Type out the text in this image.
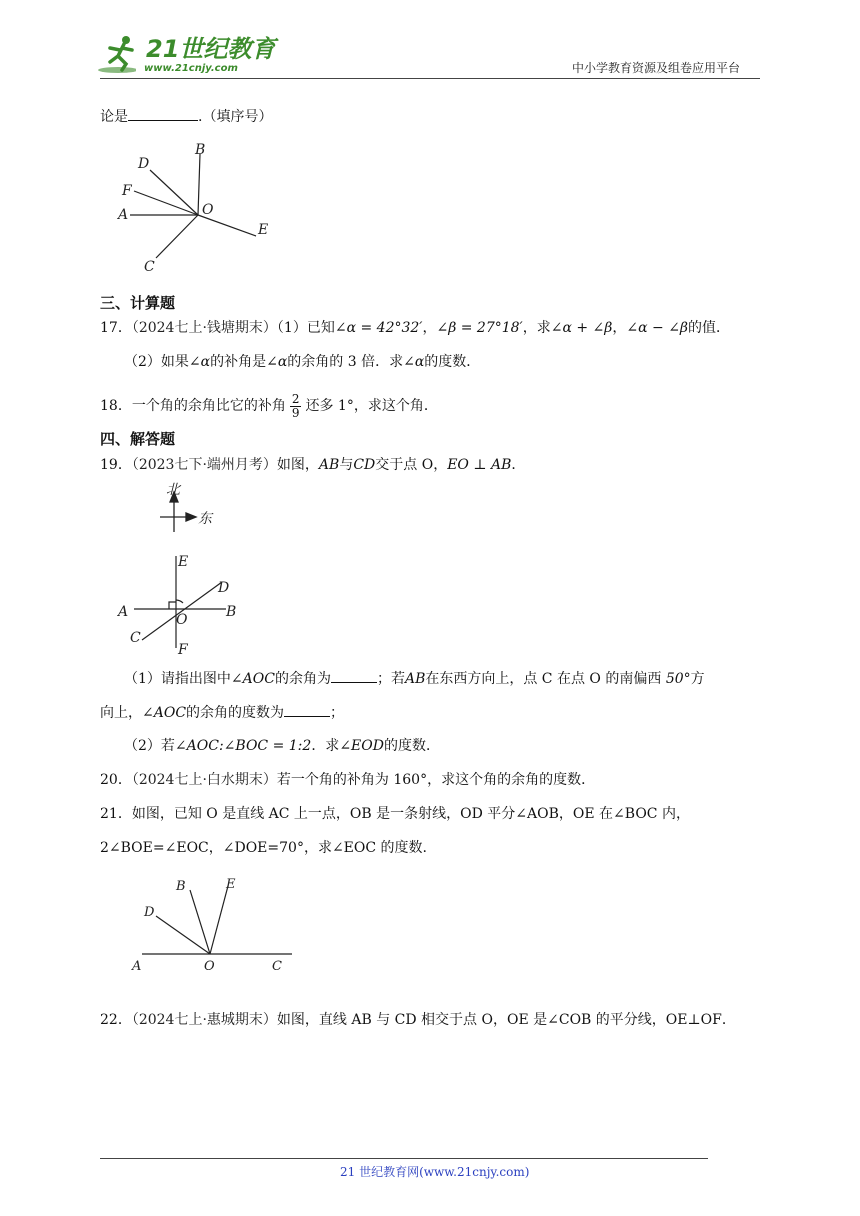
21世纪教育
www.21cnjy.com	中小学教育资源及组卷应用平台
论是	.（填序号）
D
B
F
A	O
E
C
三、计算题
17．（2024七上·钱塘期末）（1）已知∠α = 42°32′，∠β = 27°18′，求∠α + ∠β，∠α − ∠β的值．
（2）如果∠α的补角是∠α的余角的 3 倍．求∠α的度数．
18．一个角的余角比它的补角 $\frac{2}{9}$ 还多 1°，求这个角．
四、解答题
19．（2023七下·端州月考）如图，AB与CD交于点 O，EO ⊥ AB．
北
东
E
D
A	O	B
C
F
（1）请指出图中∠AOC的余角为	；若AB在东西方向上，点 C 在点 O 的南偏西 50°方
向上，∠AOC的余角的度数为	；
（2）若∠AOC:∠BOC = 1:2．求∠EOD的度数．
20．（2024七上·白水期末）若一个角的补角为 160°，求这个角的余角的度数．
21．如图，已知 O 是直线 AC 上一点，OB 是一条射线，OD 平分∠AOB，OE 在∠BOC 内，
2∠BOE=∠EOC，∠DOE=70°，求∠EOC 的度数.
B	E
D
A	O	C
22．（2024七上·惠城期末）如图，直线 AB 与 CD 相交于点 O，OE 是∠COB 的平分线，OE⊥OF．
21 世纪教育网(www.21cnjy.com)
